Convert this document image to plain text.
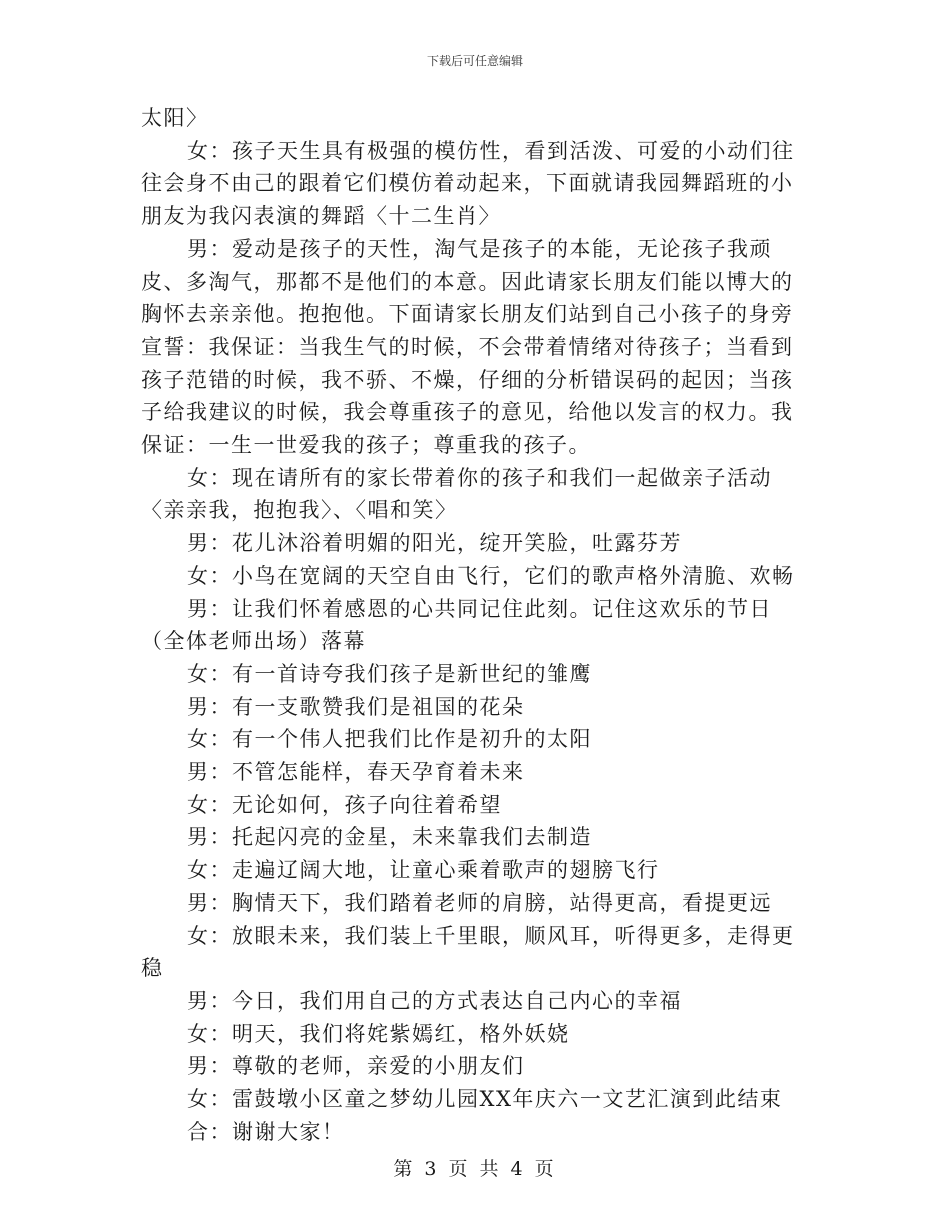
下载后可任意编辑

太阳〉

女：孩子天生具有极强的模仿性，看到活泼、可爱的小动们往往会身不由己的跟着它们模仿着动起来，下面就请我园舞蹈班的小朋友为我闪表演的舞蹈〈十二生肖〉

男：爱动是孩子的天性，淘气是孩子的本能，无论孩子我顽皮、多淘气，那都不是他们的本意。因此请家长朋友们能以博大的胸怀去亲亲他。抱抱他。下面请家长朋友们站到自己小孩子的身旁宣誓：我保证：当我生气的时候，不会带着情绪对待孩子；当看到孩子范错的时候，我不骄、不燥，仔细的分析错误码的起因；当孩子给我建议的时候，我会尊重孩子的意见，给他以发言的权力。我保证：一生一世爱我的孩子；尊重我的孩子。

女：现在请所有的家长带着你的孩子和我们一起做亲子活动〈亲亲我，抱抱我〉、〈唱和笑〉

男：花儿沐浴着明媚的阳光，绽开笑脸，吐露芬芳

女：小鸟在宽阔的天空自由飞行，它们的歌声格外清脆、欢畅

男：让我们怀着感恩的心共同记住此刻。记住这欢乐的节日（全体老师出场）落幕

女：有一首诗夸我们孩子是新世纪的雏鹰

男：有一支歌赞我们是祖国的花朵

女：有一个伟人把我们比作是初升的太阳

男：不管怎能样，春天孕育着未来

女：无论如何，孩子向往着希望

男：托起闪亮的金星，未来靠我们去制造

女：走遍辽阔大地，让童心乘着歌声的翅膀飞行

男：胸情天下，我们踏着老师的肩膀，站得更高，看提更远

女：放眼未来，我们装上千里眼，顺风耳，听得更多，走得更稳

男：今日，我们用自己的方式表达自己内心的幸福

女：明天，我们将姹紫嫣红，格外妖娆

男：尊敬的老师，亲爱的小朋友们

女：雷鼓墩小区童之梦幼儿园XX年庆六一文艺汇演到此结束

合：谢谢大家！

第 3 页 共 4 页
